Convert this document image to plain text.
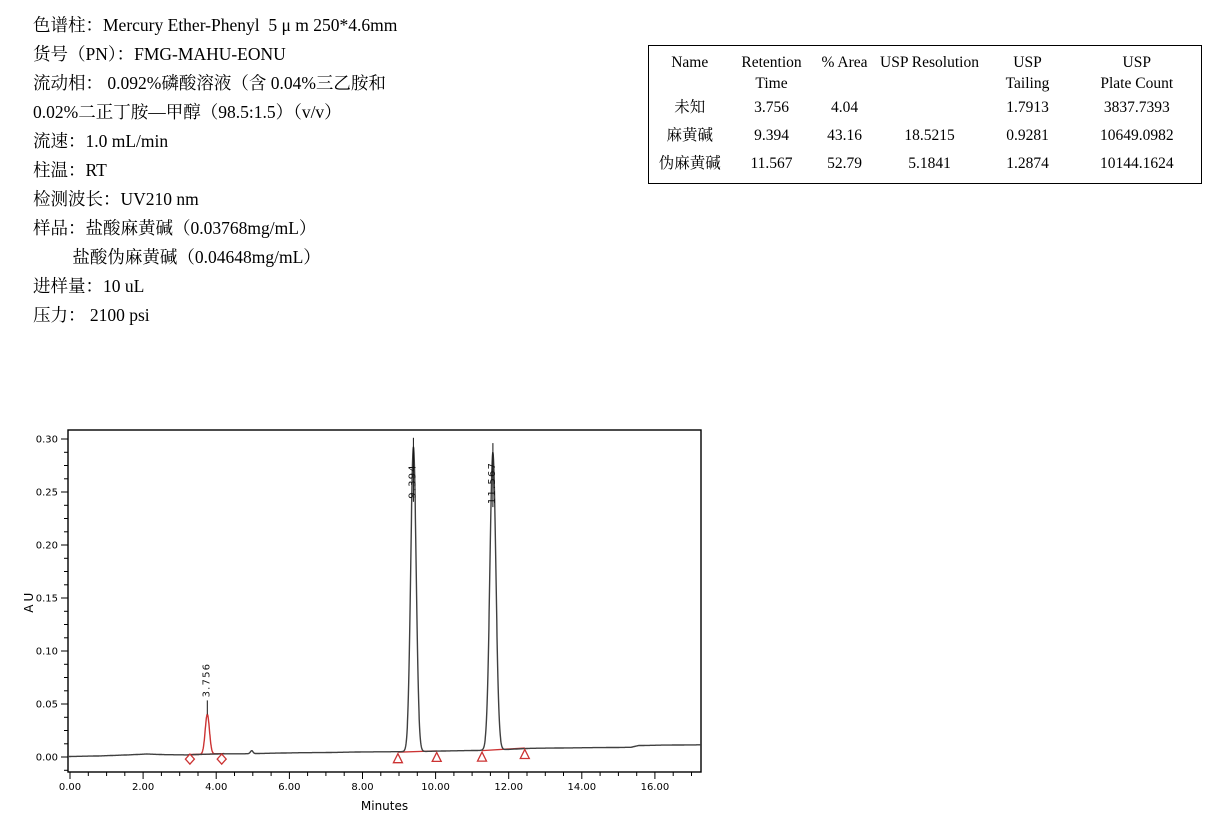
色谱柱：Mercury Ether-Phenyl  5 μ m 250*4.6mm
货号（PN）：FMG-MAHU-EONU
流动相： 0.092%磷酸溶液（含 0.04%三乙胺和
0.02%二正丁胺—甲醇（98.5:1.5）（v/v）
流速：1.0 mL/min
柱温：RT
检测波长：UV210 nm
样品：盐酸麻黄碱（0.03768mg/mL）
　　 盐酸伪麻黄碱（0.04648mg/mL）
进样量：10 uL
压力： 2100 psi
Name	Retention	% Area	USP Resolution	USP	USP
	Time			Tailing	Plate Count
未知	3.756	4.04		1.7913	3837.7393
麻黄碱	9.394	43.16	18.5215	0.9281	10649.0982
伪麻黄碱	11.567	52.79	5.1841	1.2874	10144.1624
0.00
0.05
0.10
0.15
0.20
0.25
0.30
0.00	2.00	4.00	6.00	8.00	10.00	12.00	14.00	16.00
3.756
9.394	11.567
Minutes
AU
